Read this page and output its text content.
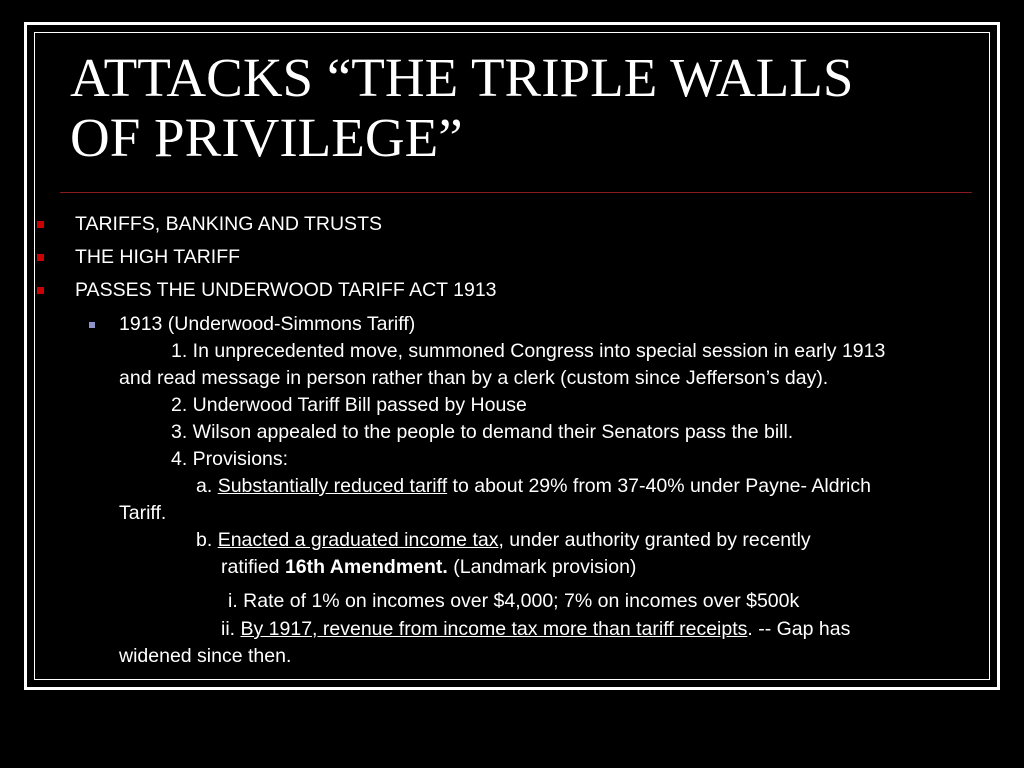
ATTACKS “THE TRIPLE WALLS
OF PRIVILEGE”
TARIFFS, BANKING AND TRUSTS
THE HIGH TARIFF
PASSES THE UNDERWOOD TARIFF ACT 1913
1913 (Underwood-Simmons Tariff)
1. In unprecedented move, summoned Congress into special session in early 1913
and read message in person rather than by a clerk (custom since Jefferson’s day).
2. Underwood Tariff Bill passed by House
3. Wilson appealed to the people to demand their Senators pass the bill.
4. Provisions:
a. Substantially reduced tariff to about 29% from 37-40% under Payne- Aldrich
Tariff.
b. Enacted a graduated income tax, under authority granted by recently
ratified 16th Amendment. (Landmark provision)
i. Rate of 1% on incomes over $4,000; 7% on incomes over $500k
ii. By 1917, revenue from income tax more than tariff receipts. -- Gap has
widened since then.
